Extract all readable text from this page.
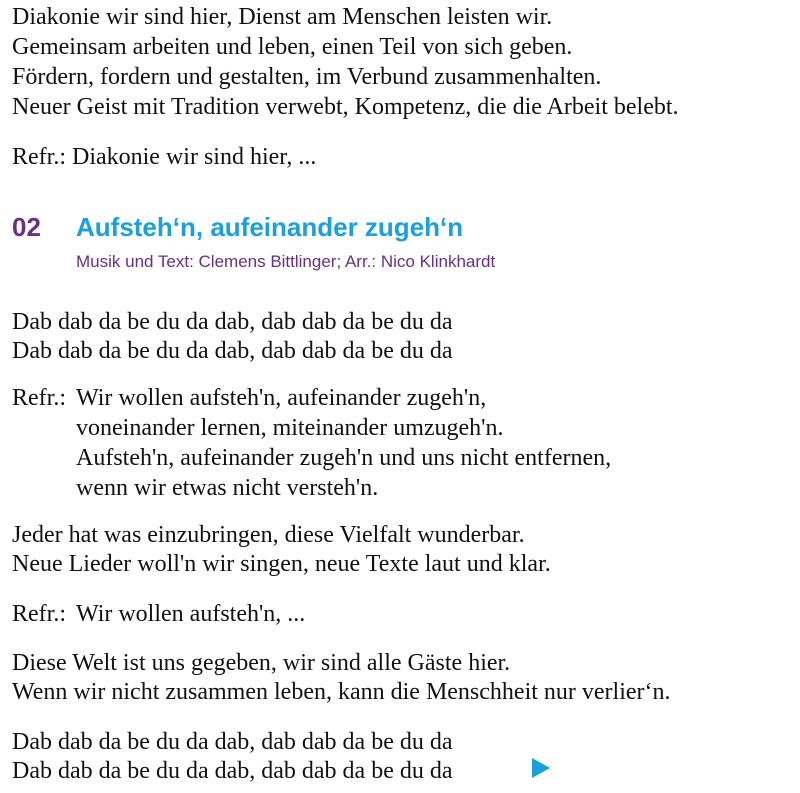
Diakonie wir sind hier, Dienst am Menschen leisten wir.
Gemeinsam arbeiten und leben, einen Teil von sich geben.
Fördern, fordern und gestalten, im Verbund zusammenhalten.
Neuer Geist mit Tradition verwebt, Kompetenz, die die Arbeit belebt.
Refr.: Diakonie wir sind hier, ...
02 Aufsteh‘n, aufeinander zugeh‘n
Musik und Text: Clemens Bittlinger; Arr.: Nico Klinkhardt
Dab dab da be du da dab, dab dab da be du da
Dab dab da be du da dab, dab dab da be du da
Refr.: Wir wollen aufsteh'n, aufeinander zugeh'n,
voneinander lernen, miteinander umzugeh'n.
Aufsteh'n, aufeinander zugeh'n und uns nicht entfernen,
wenn wir etwas nicht versteh'n.
Jeder hat was einzubringen, diese Vielfalt wunderbar.
Neue Lieder woll'n wir singen, neue Texte laut und klar.
Refr.: Wir wollen aufsteh'n, ...
Diese Welt ist uns gegeben, wir sind alle Gäste hier.
Wenn wir nicht zusammen leben, kann die Menschheit nur verlier‘n.
Dab dab da be du da dab, dab dab da be du da
Dab dab da be du da dab, dab dab da be du da
